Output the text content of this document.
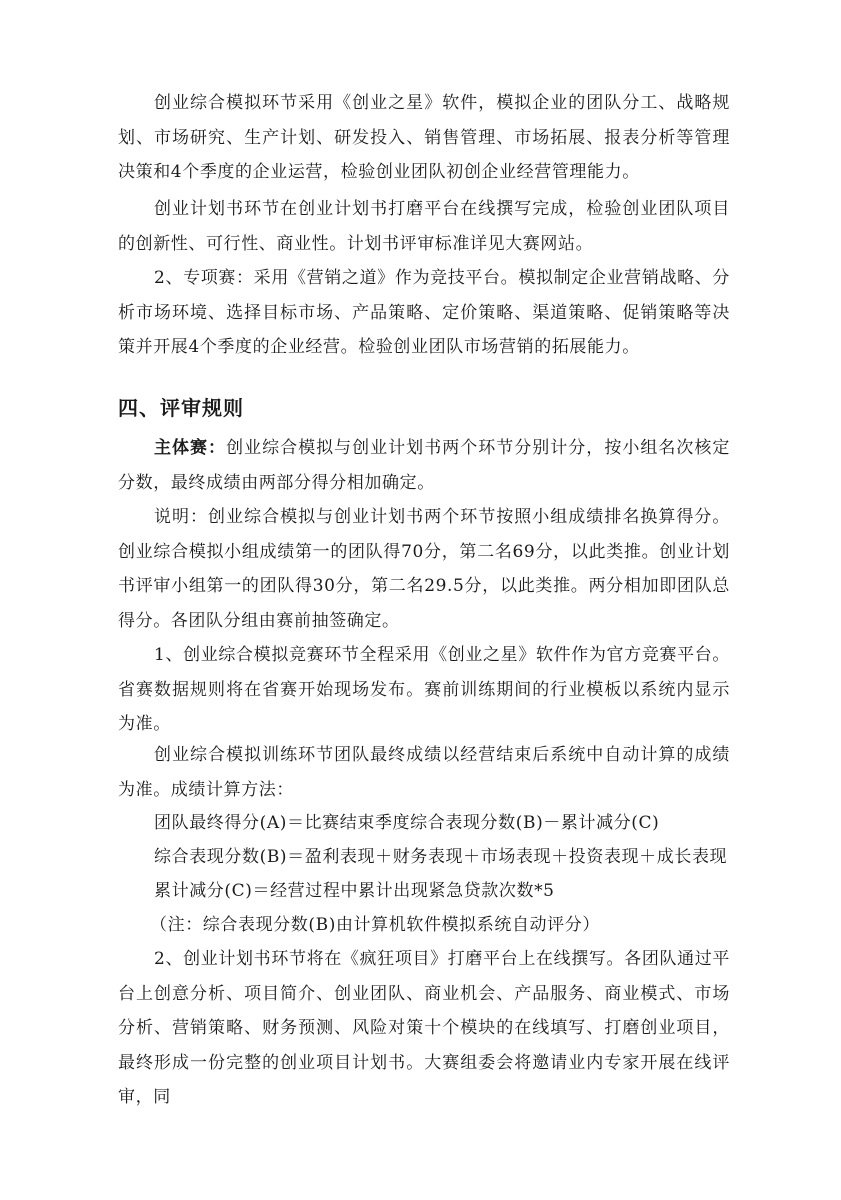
创业综合模拟环节采用《创业之星》软件，模拟企业的团队分工、战略规划、市场研究、生产计划、研发投入、销售管理、市场拓展、报表分析等管理决策和4个季度的企业运营，检验创业团队初创企业经营管理能力。

创业计划书环节在创业计划书打磨平台在线撰写完成，检验创业团队项目的创新性、可行性、商业性。计划书评审标准详见大赛网站。

2、专项赛：采用《营销之道》作为竞技平台。模拟制定企业营销战略、分析市场环境、选择目标市场、产品策略、定价策略、渠道策略、促销策略等决策并开展4个季度的企业经营。检验创业团队市场营销的拓展能力。

四、评审规则

主体赛：创业综合模拟与创业计划书两个环节分别计分，按小组名次核定分数，最终成绩由两部分得分相加确定。

说明：创业综合模拟与创业计划书两个环节按照小组成绩排名换算得分。创业综合模拟小组成绩第一的团队得70分，第二名69分，以此类推。创业计划书评审小组第一的团队得30分，第二名29.5分，以此类推。两分相加即团队总得分。各团队分组由赛前抽签确定。

1、创业综合模拟竞赛环节全程采用《创业之星》软件作为官方竞赛平台。省赛数据规则将在省赛开始现场发布。赛前训练期间的行业模板以系统内显示为准。

创业综合模拟训练环节团队最终成绩以经营结束后系统中自动计算的成绩为准。成绩计算方法：

团队最终得分(A)＝比赛结束季度综合表现分数(B)－累计减分(C)

综合表现分数(B)＝盈利表现＋财务表现＋市场表现＋投资表现＋成长表现

累计减分(C)＝经营过程中累计出现紧急贷款次数*5

（注：综合表现分数(B)由计算机软件模拟系统自动评分）

2、创业计划书环节将在《疯狂项目》打磨平台上在线撰写。各团队通过平台上创意分析、项目简介、创业团队、商业机会、产品服务、商业模式、市场分析、营销策略、财务预测、风险对策十个模块的在线填写、打磨创业项目，最终形成一份完整的创业项目计划书。大赛组委会将邀请业内专家开展在线评审，同
